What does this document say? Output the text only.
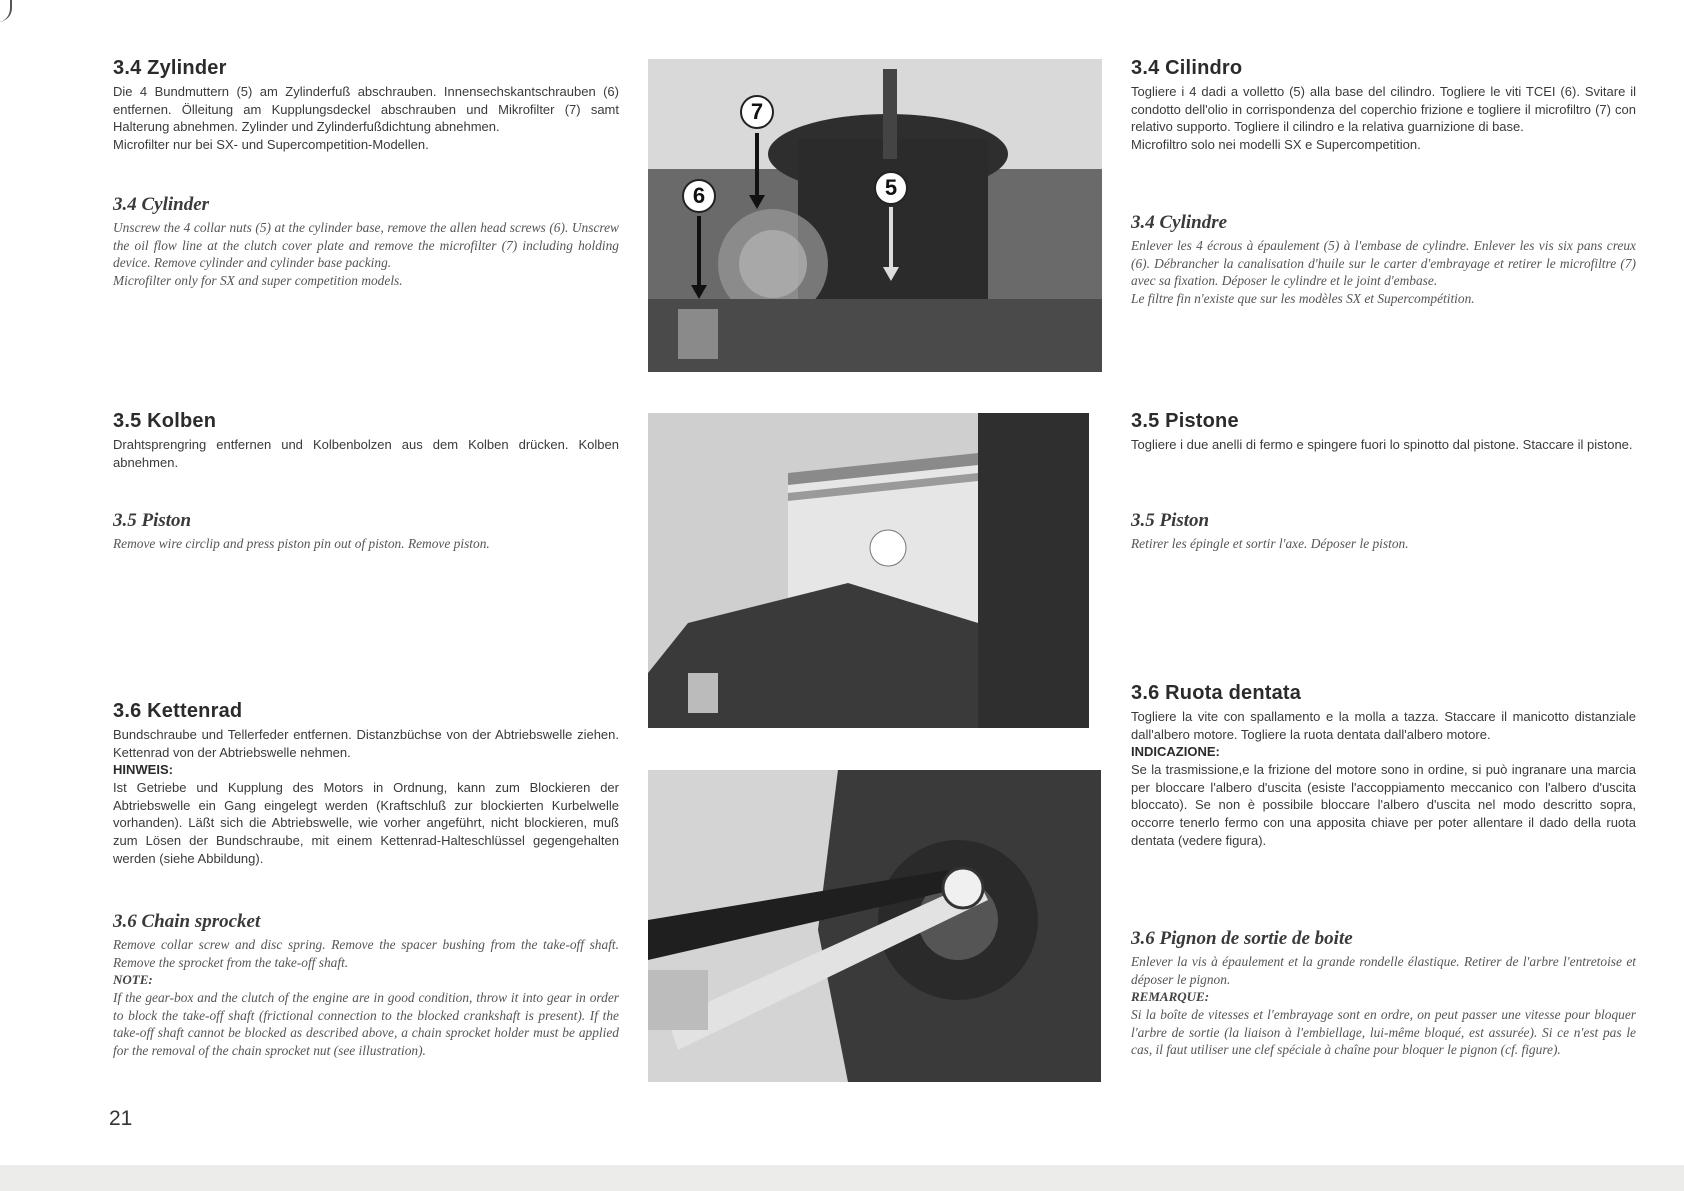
3.4 Zylinder

Die 4 Bundmuttern (5) am Zylinderfuß abschrauben. Innensechskantschrauben (6) entfernen. Ölleitung am Kupplungsdeckel abschrauben und Mikrofilter (7) samt Halterung abnehmen. Zylinder und Zylinderfußdichtung abnehmen.

Microfilter nur bei SX- und Supercompetition-Modellen.

3.4 Cylinder

Unscrew the 4 collar nuts (5) at the cylinder base, remove the allen head screws (6). Unscrew the oil flow line at the clutch cover plate and remove the microfilter (7) including holding device. Remove cylinder and cylinder base packing.

Microfilter only for SX and super competition models.

3.5 Kolben

Drahtsprengring entfernen und Kolbenbolzen aus dem Kolben drücken. Kolben abnehmen.

3.5 Piston

Remove wire circlip and press piston pin out of piston. Remove piston.

3.6 Kettenrad

Bundschraube und Tellerfeder entfernen. Distanzbüchse von der Abtriebswelle ziehen. Kettenrad von der Abtriebswelle nehmen.

HINWEIS:

Ist Getriebe und Kupplung des Motors in Ordnung, kann zum Blockieren der Abtriebswelle ein Gang eingelegt werden (Kraftschluß zur blockierten Kurbelwelle vorhanden). Läßt sich die Abtriebswelle, wie vorher angeführt, nicht blockieren, muß zum Lösen der Bundschraube, mit einem Kettenrad-Halteschlüssel gegengehalten werden (siehe Abbildung).

3.6 Chain sprocket

Remove collar screw and disc spring. Remove the spacer bushing from the take-off shaft. Remove the sprocket from the take-off shaft.

NOTE:

If the gear-box and the clutch of the engine are in good condition, throw it into gear in order to block the take-off shaft (frictional connection to the blocked crankshaft is present). If the take-off shaft cannot be blocked as described above, a chain sprocket holder must be applied for the removal of the chain sprocket nut (see illustration).

7
6	5
3.4 Cilindro

Togliere i 4 dadi a volletto (5) alla base del cilindro. Togliere le viti TCEI (6). Svitare il condotto dell'olio in corrispondenza del coperchio frizione e togliere il microfiltro (7) con relativo supporto. Togliere il cilindro e la relativa guarnizione di base.

Microfiltro solo nei modelli SX e Supercompetition.

3.4 Cylindre

Enlever les 4 écrous à épaulement (5) à l'embase de cylindre. Enlever les vis six pans creux (6). Débrancher la canalisation d'huile sur le carter d'embrayage et retirer le microfiltre (7) avec sa fixation. Déposer le cylindre et le joint d'embase.

Le filtre fin n'existe que sur les modèles SX et Supercompétition.

3.5 Pistone

Togliere i due anelli di fermo e spingere fuori lo spinotto dal pistone. Staccare il pistone.

3.5 Piston

Retirer les épingle et sortir l'axe. Déposer le piston.

3.6 Ruota dentata

Togliere la vite con spallamento e la molla a tazza. Staccare il manicotto distanziale dall'albero motore. Togliere la ruota dentata dall'albero motore.

INDICAZIONE:

Se la trasmissione,e la frizione del motore sono in ordine, si può ingranare una marcia per bloccare l'albero d'uscita (esiste l'accoppiamento meccanico con l'albero d'uscita bloccato). Se non è possibile bloccare l'albero d'uscita nel modo descritto sopra, occorre tenerlo fermo con una apposita chiave per poter allentare il dado della ruota dentata (vedere figura).

3.6 Pignon de sortie de boite

Enlever la vis à épaulement et la grande rondelle élastique. Retirer de l'arbre l'entretoise et déposer le pignon.

REMARQUE:

Si la boîte de vitesses et l'embrayage sont en ordre, on peut passer une vitesse pour bloquer l'arbre de sortie (la liaison à l'embiellage, lui-même bloqué, est assurée). Si ce n'est pas le cas, il faut utiliser une clef spéciale à chaîne pour bloquer le pignon (cf. figure).

21
